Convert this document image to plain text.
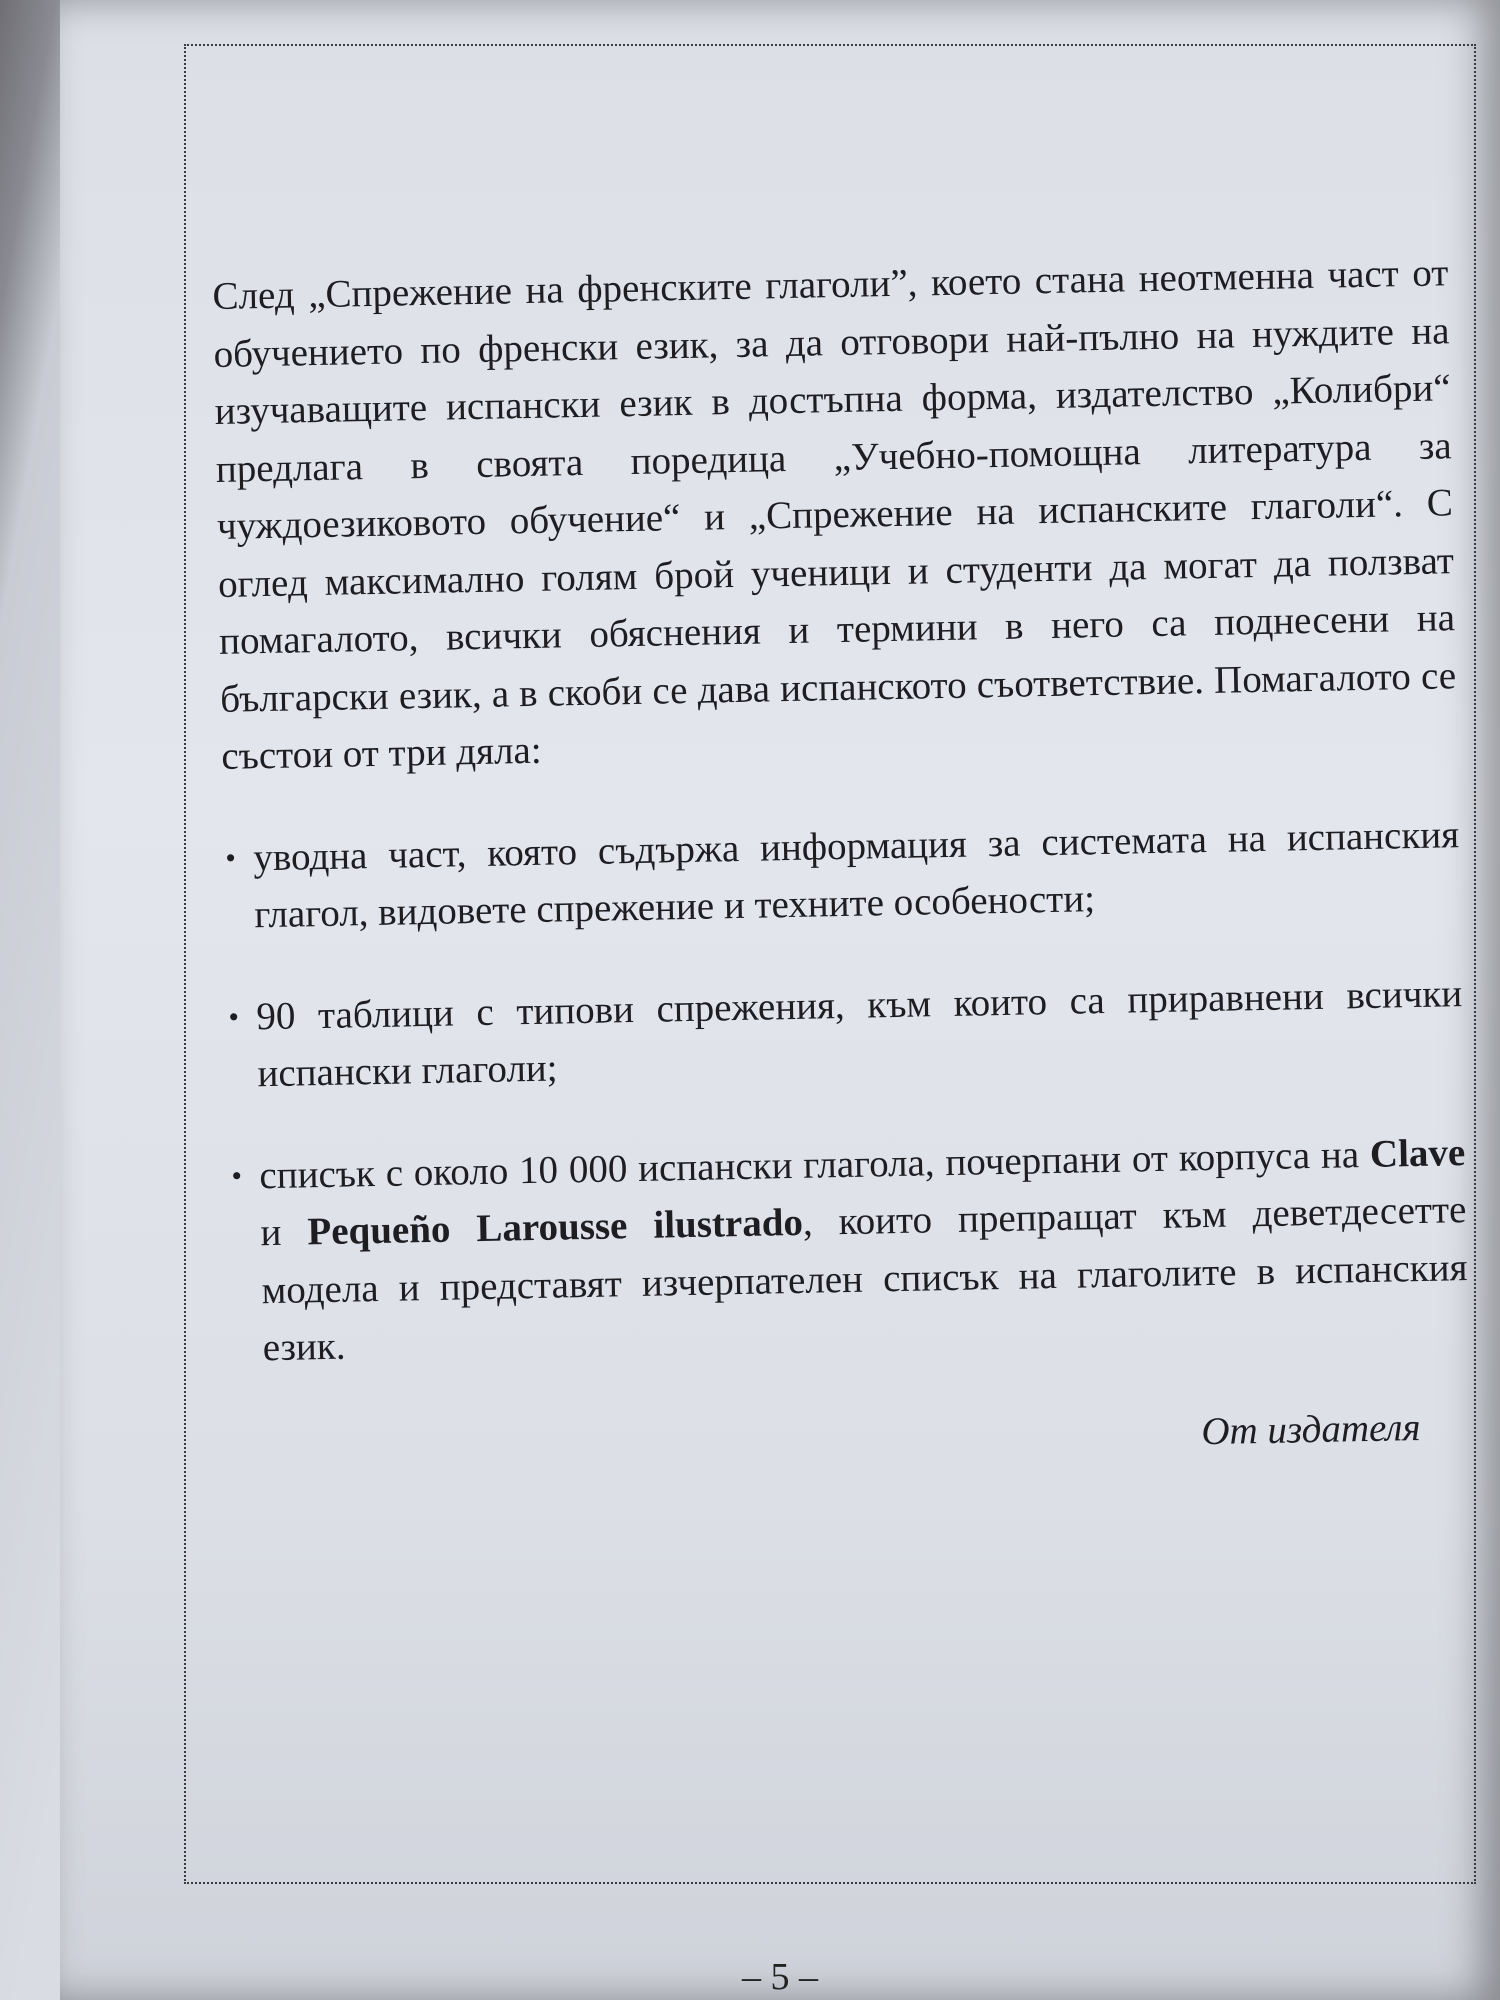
След „Спрежение на френските глаголи”, което стана неотменна част от обучението по френски език, за да отговори най-пълно на нуждите на изучаващите испански език в достъпна форма, издателство „Колибри“ предлага в своята поредица „Учебно-помощна литература за чуждоезиковото обучение“ и „Спрежение на испанските глаголи“. С оглед максимално голям брой ученици и студенти да могат да ползват помагалото, всички обяснения и термини в него са поднесени на български език, а в скоби се дава испанското съответствие. Помагалото се състои от три дяла:

• уводна част, която съдържа информация за системата на испанския глагол, видовете спрежение и техните особености;
• 90 таблици с типови спрежения, към които са приравнени всички испански глаголи;
• списък с около 10 000 испански глагола, почерпани от корпуса на Clave и Pequeño Larousse ilustrado, които препращат към деветдесетте модела и представят изчерпателен списък на глаголите в испанския език.
От издателя
– 5 –
